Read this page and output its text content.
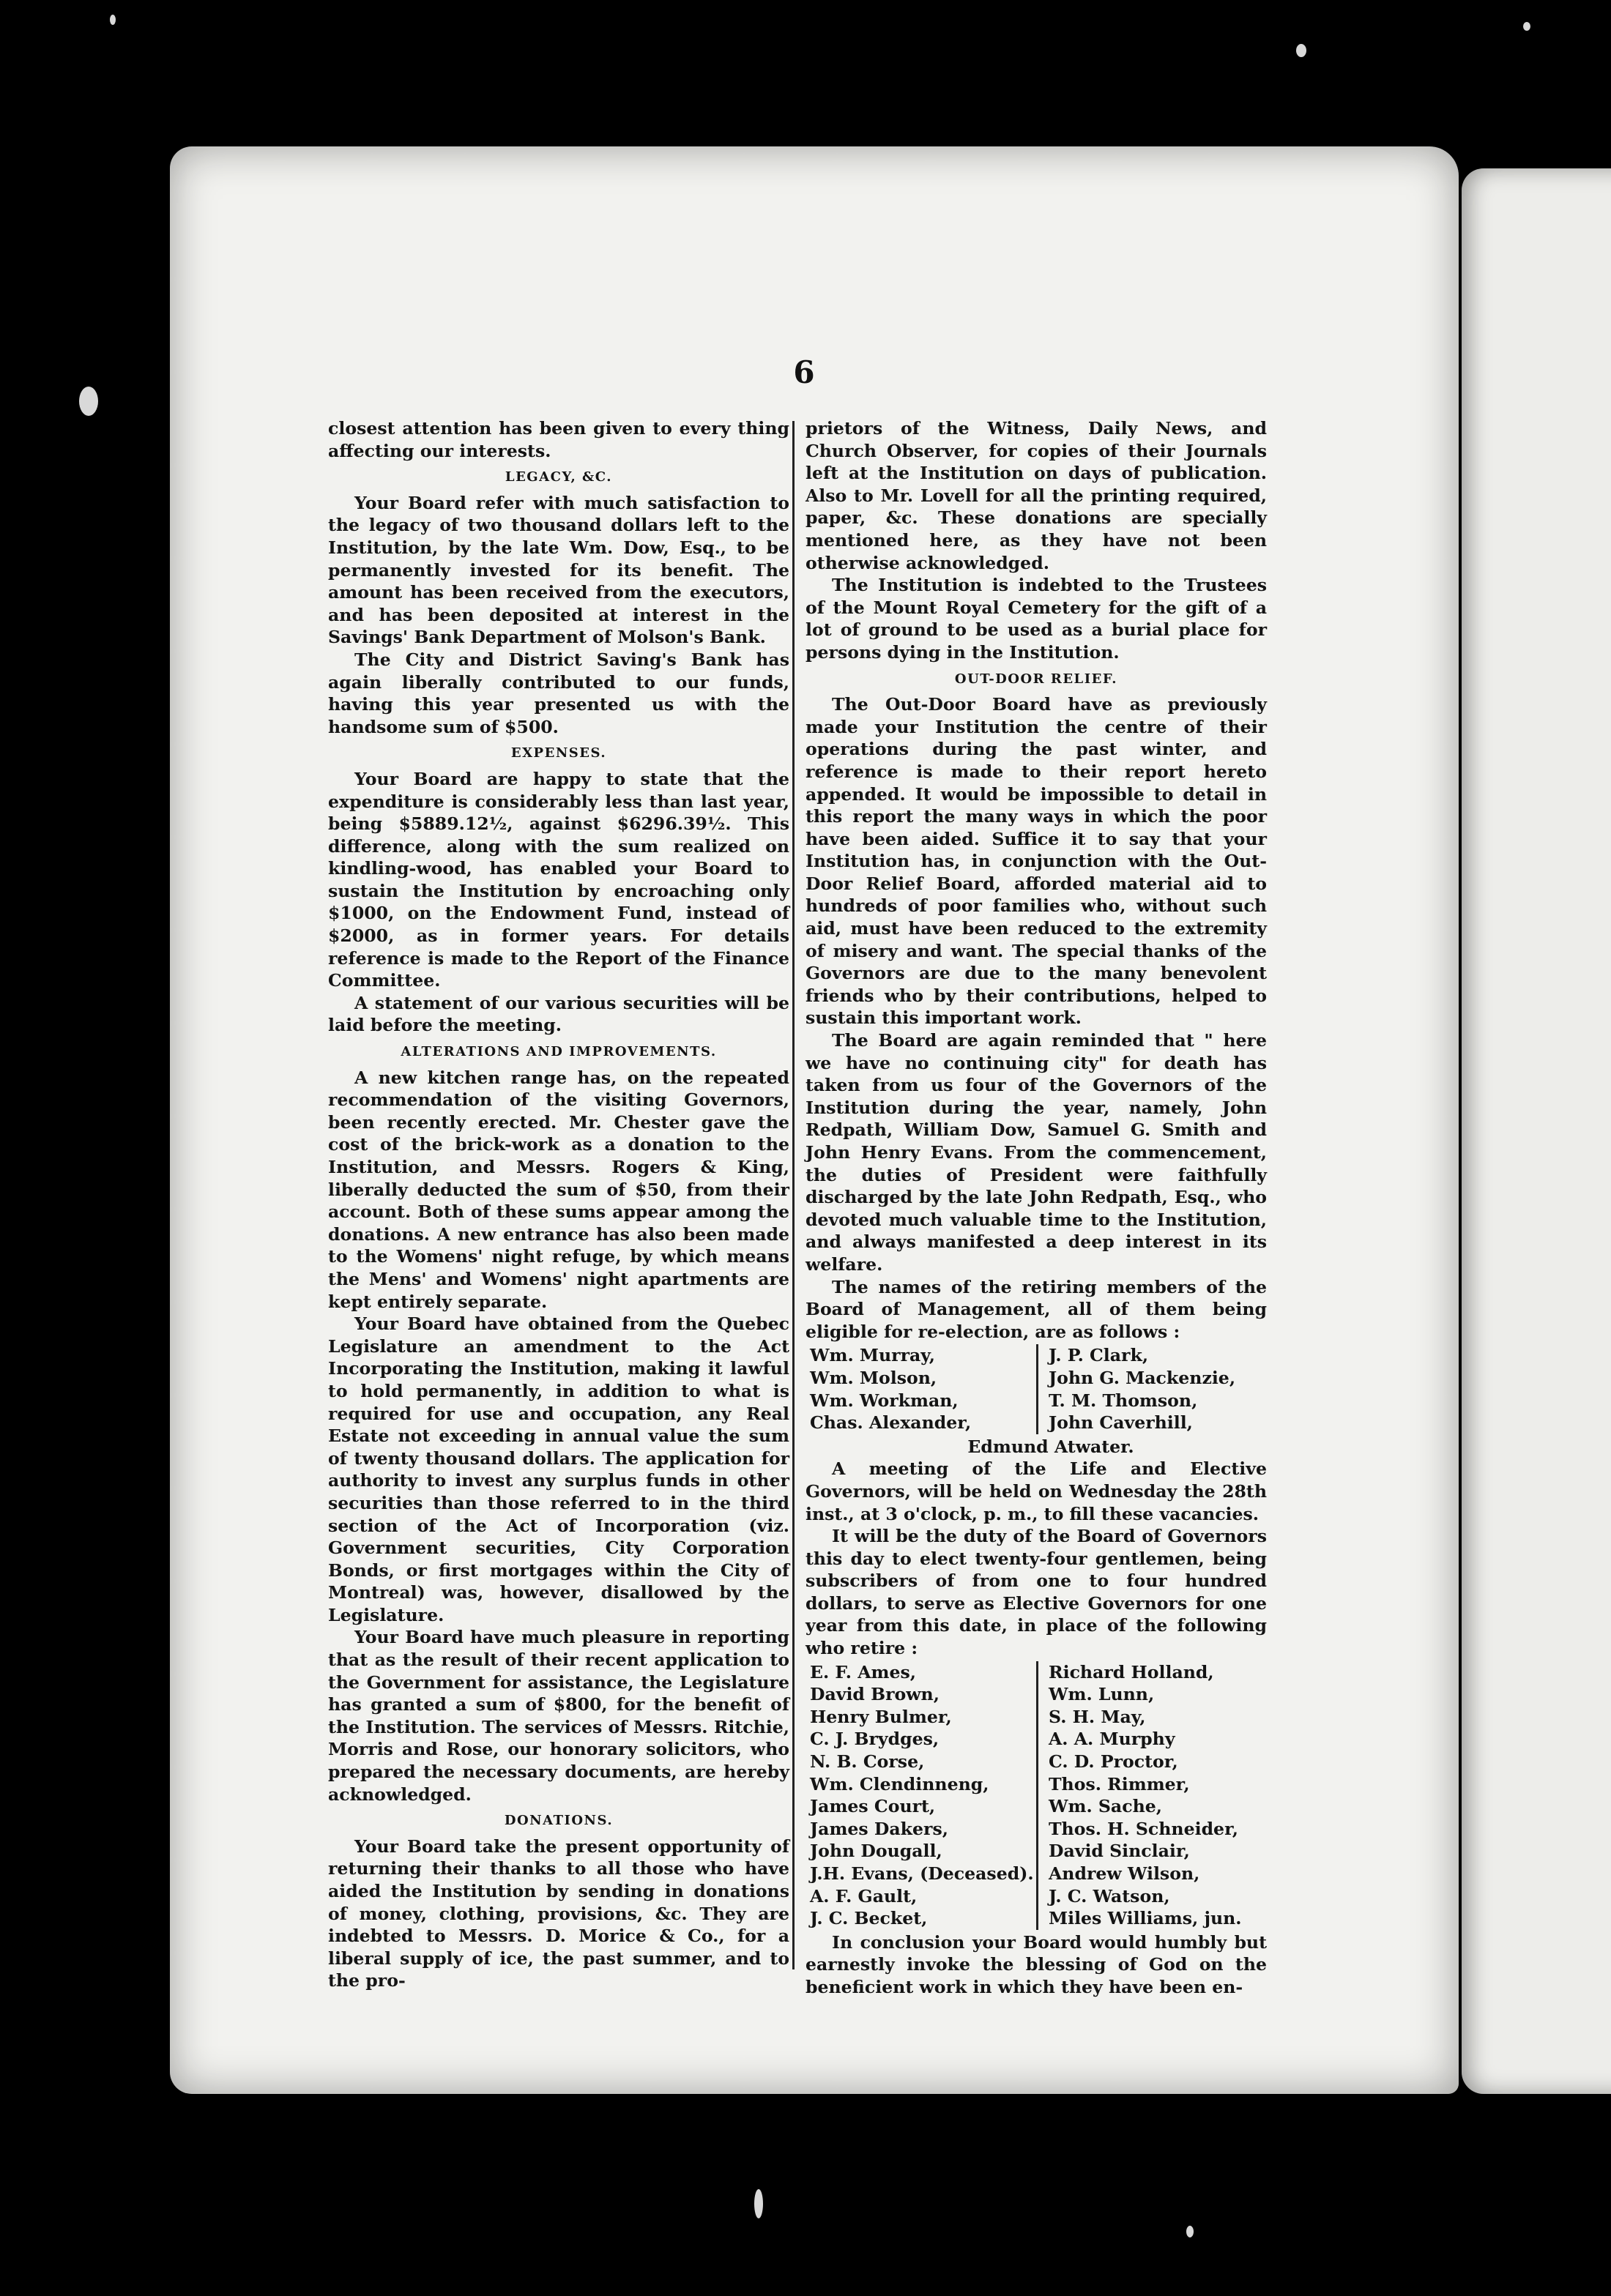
6

closest attention has been given to every thing affecting our interests.

LEGACY, &C.

Your Board refer with much satisfaction to the legacy of two thousand dollars left to the Institution, by the late Wm. Dow, Esq., to be permanently invested for its benefit. The amount has been received from the executors, and has been deposited at interest in the Savings' Bank Department of Molson's Bank.

The City and District Saving's Bank has again liberally contributed to our funds, having this year presented us with the handsome sum of $500.

EXPENSES.

Your Board are happy to state that the expenditure is considerably less than last year, being $5889.12½, against $6296.39½. This difference, along with the sum realized on kindling-wood, has enabled your Board to sustain the Institution by encroaching only $1000, on the Endowment Fund, instead of $2000, as in former years. For details reference is made to the Report of the Finance Committee.

A statement of our various securities will be laid before the meeting.

ALTERATIONS AND IMPROVEMENTS.

A new kitchen range has, on the repeated recommendation of the visiting Governors, been recently erected. Mr. Chester gave the cost of the brick-work as a donation to the Institution, and Messrs. Rogers & King, liberally deducted the sum of $50, from their account. Both of these sums appear among the donations. A new entrance has also been made to the Womens' night refuge, by which means the Mens' and Womens' night apartments are kept entirely separate.

Your Board have obtained from the Quebec Legislature an amendment to the Act Incorporating the Institution, making it lawful to hold permanently, in addition to what is required for use and occupation, any Real Estate not exceeding in annual value the sum of twenty thousand dollars. The application for authority to invest any surplus funds in other securities than those referred to in the third section of the Act of Incorporation (viz. Government securities, City Corporation Bonds, or first mortgages within the City of Montreal) was, however, disallowed by the Legislature.

Your Board have much pleasure in reporting that as the result of their recent application to the Government for assistance, the Legislature has granted a sum of $800, for the benefit of the Institution. The services of Messrs. Ritchie, Morris and Rose, our honorary solicitors, who prepared the necessary documents, are hereby acknowledged.

DONATIONS.

Your Board take the present opportunity of returning their thanks to all those who have aided the Institution by sending in donations of money, clothing, provisions, &c. They are indebted to Messrs. D. Morice & Co., for a liberal supply of ice, the past summer, and to the pro-

prietors of the Witness, Daily News, and Church Observer, for copies of their Journals left at the Institution on days of publication. Also to Mr. Lovell for all the printing required, paper, &c. These donations are specially mentioned here, as they have not been otherwise acknowledged.

The Institution is indebted to the Trustees of the Mount Royal Cemetery for the gift of a lot of ground to be used as a burial place for persons dying in the Institution.

OUT-DOOR RELIEF.

The Out-Door Board have as previously made your Institution the centre of their operations during the past winter, and reference is made to their report hereto appended. It would be impossible to detail in this report the many ways in which the poor have been aided. Suffice it to say that your Institution has, in conjunction with the Out-Door Relief Board, afforded material aid to hundreds of poor families who, without such aid, must have been reduced to the extremity of misery and want. The special thanks of the Governors are due to the many benevolent friends who by their contributions, helped to sustain this important work.

The Board are again reminded that " here we have no continuing city" for death has taken from us four of the Governors of the Institution during the year, namely, John Redpath, William Dow, Samuel G. Smith and John Henry Evans. From the commencement, the duties of President were faithfully discharged by the late John Redpath, Esq., who devoted much valuable time to the Institution, and always manifested a deep interest in its welfare.

The names of the retiring members of the Board of Management, all of them being eligible for re-election, are as follows :

Wm. Murray,
Wm. Molson,
Wm. Workman,
Chas. Alexander,
J. P. Clark,
John G. Mackenzie,
T. M. Thomson,
John Caverhill,
Edmund Atwater.

A meeting of the Life and Elective Governors, will be held on Wednesday the 28th inst., at 3 o'clock, p. m., to fill these vacancies.

It will be the duty of the Board of Governors this day to elect twenty-four gentlemen, being subscribers of from one to four hundred dollars, to serve as Elective Governors for one year from this date, in place of the following who retire :

E. F. Ames,
David Brown,
Henry Bulmer,
C. J. Brydges,
N. B. Corse,
Wm. Clendinneng,
James Court,
James Dakers,
John Dougall,
J.H. Evans, (Deceased).
A. F. Gault,
J. C. Becket,
Richard Holland,
Wm. Lunn,
S. H. May,
A. A. Murphy
C. D. Proctor,
Thos. Rimmer,
Wm. Sache,
Thos. H. Schneider,
David Sinclair,
Andrew Wilson,
J. C. Watson,
Miles Williams, jun.

In conclusion your Board would humbly but earnestly invoke the blessing of God on the beneficient work in which they have been en-
